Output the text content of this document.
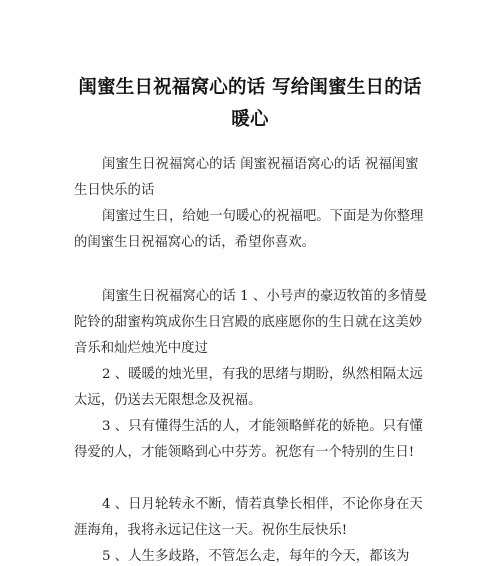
闺蜜生日祝福窝心的话 写给闺蜜生日的话
暖心

闺蜜生日祝福窝心的话 闺蜜祝福语窝心的话 祝福闺蜜生日快乐的话

闺蜜过生日，给她一句暖心的祝福吧。下面是为你整理的闺蜜生日祝福窝心的话，希望你喜欢。

闺蜜生日祝福窝心的话 1 、小号声的豪迈牧笛的多情曼陀铃的甜蜜构筑成你生日宫殿的底座愿你的生日就在这美妙音乐和灿烂烛光中度过

2 、暖暖的烛光里，有我的思绪与期盼，纵然相隔太远太远，仍送去无限想念及祝福。

3 、只有懂得生活的人，才能领略鲜花的娇艳。只有懂得爱的人，才能领略到心中芬芳。祝您有一个特别的生日!

4 、日月轮转永不断，情若真挚长相伴，不论你身在天涯海角，我将永远记住这一天。祝你生辰快乐!

5 、人生多歧路，不管怎么走，每年的今天，都该为
